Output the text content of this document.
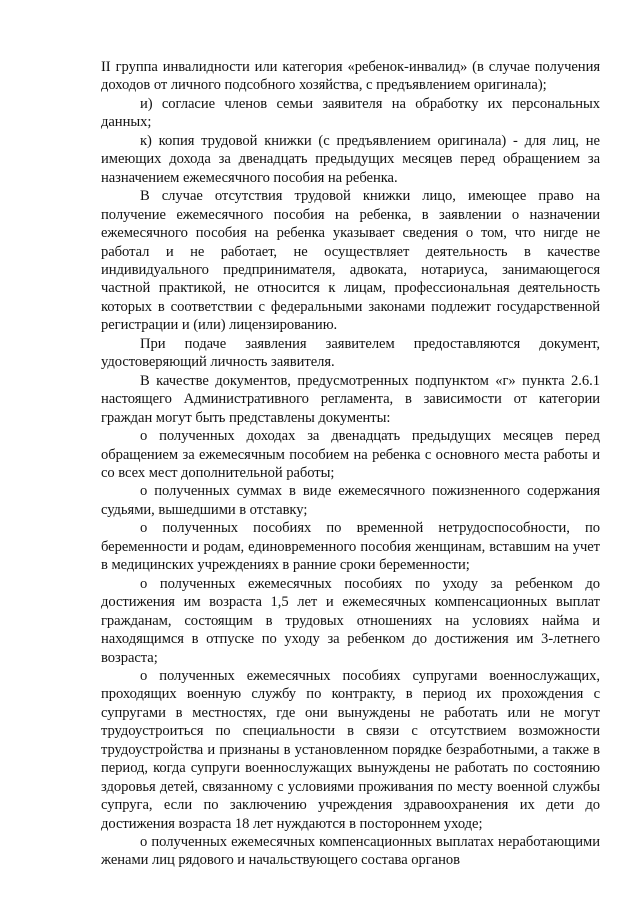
II группа инвалидности или категория «ребенок-инвалид» (в случае получения доходов от личного подсобного хозяйства, с предъявлением оригинала);

и) согласие членов семьи заявителя на обработку их персональных данных;

к) копия трудовой книжки (с предъявлением оригинала) - для лиц, не имеющих дохода за двенадцать предыдущих месяцев перед обращением за назначением ежемесячного пособия на ребенка.

В случае отсутствия трудовой книжки лицо, имеющее право на получение ежемесячного пособия на ребенка, в заявлении о назначении ежемесячного пособия на ребенка указывает сведения о том, что нигде не работал и не работает, не осуществляет деятельность в качестве индивидуального предпринимателя, адвоката, нотариуса, занимающегося частной практикой, не относится к лицам, профессиональная деятельность которых в соответствии с федеральными законами подлежит государственной регистрации и (или) лицензированию.

При подаче заявления заявителем предоставляются документ, удостоверяющий личность заявителя.

В качестве документов, предусмотренных подпунктом «г» пункта 2.6.1 настоящего Административного регламента, в зависимости от категории граждан могут быть представлены документы:

о полученных доходах за двенадцать предыдущих месяцев перед обращением за ежемесячным пособием на ребенка с основного места работы и со всех мест дополнительной работы;

о полученных суммах в виде ежемесячного пожизненного содержания судьями, вышедшими в отставку;

о полученных пособиях по временной нетрудоспособности, по беременности и родам, единовременного пособия женщинам, вставшим на учет в медицинских учреждениях в ранние сроки беременности;

о полученных ежемесячных пособиях по уходу за ребенком до достижения им возраста 1,5 лет и ежемесячных компенсационных выплат гражданам, состоящим в трудовых отношениях на условиях найма и находящимся в отпуске по уходу за ребенком до достижения им 3-летнего возраста;

о полученных ежемесячных пособиях супругами военнослужащих, проходящих военную службу по контракту, в период их прохождения с супругами в местностях, где они вынуждены не работать или не могут трудоустроиться по специальности в связи с отсутствием возможности трудоустройства и признаны в установленном порядке безработными, а также в период, когда супруги военнослужащих вынуждены не работать по состоянию здоровья детей, связанному с условиями проживания по месту военной службы супруга, если по заключению учреждения здравоохранения их дети до достижения возраста 18 лет нуждаются в постороннем уходе;

о полученных ежемесячных компенсационных выплатах неработающими женами лиц рядового и начальствующего состава органов
